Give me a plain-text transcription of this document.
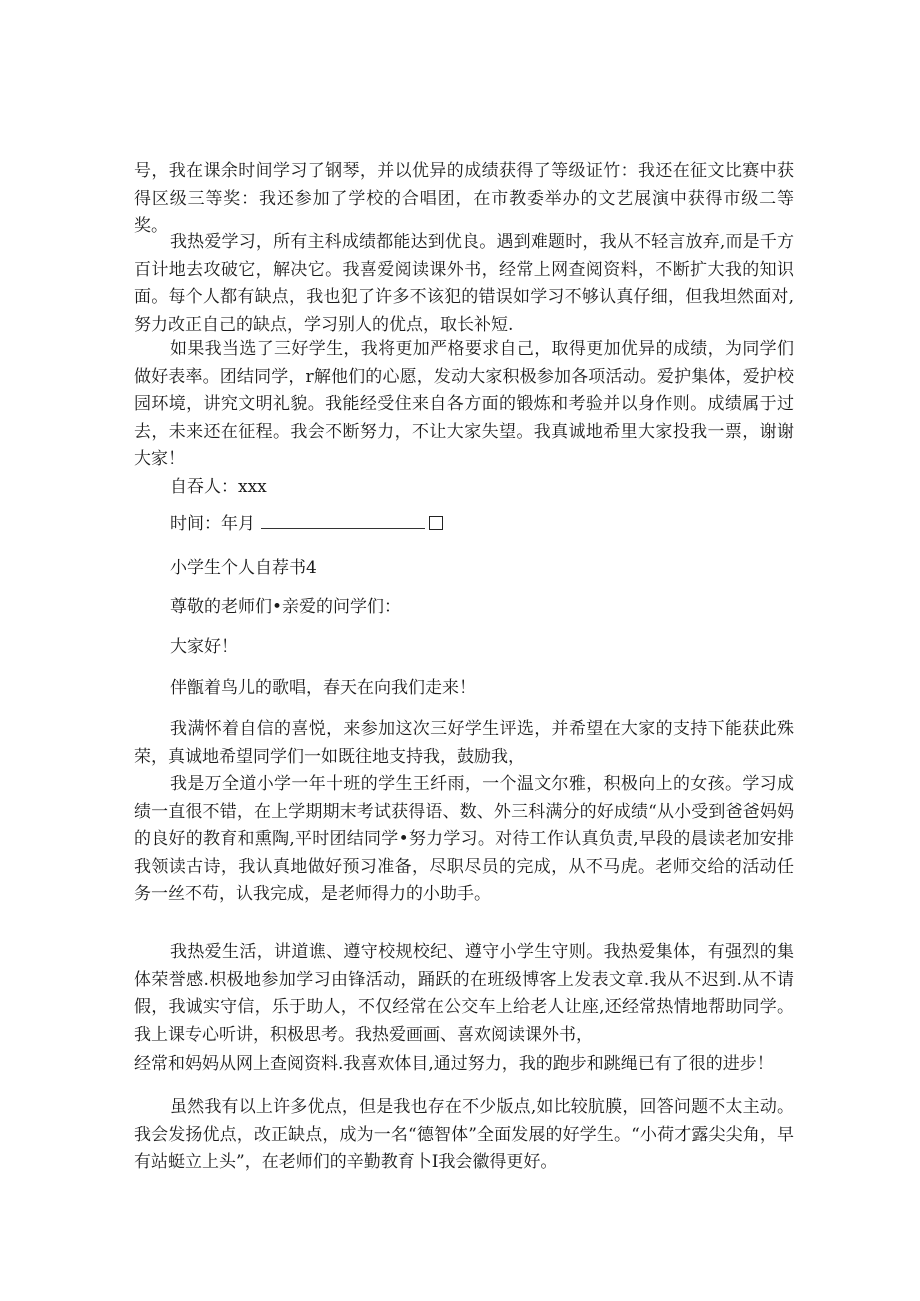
号，我在课余时间学习了钢琴，并以优异的成绩获得了等级证竹：我还在征文比赛中获得区级三等奖：我还参加了学校的合唱团，在市教委举办的文艺展演中获得市级二等奖。

我热爱学习，所有主科成绩都能达到优良。遇到难题时，我从不轻言放弃,而是千方百计地去攻破它，解决它。我喜爱阅读课外书，经常上网查阅资料，不断扩大我的知识面。每个人都有缺点，我也犯了许多不该犯的错误如学习不够认真仔细，但我坦然面对,努力改正自己的缺点，学习别人的优点，取长补短.

如果我当选了三好学生，我将更加严格要求自己，取得更加优异的成绩，为同学们做好表率。团结同学，r解他们的心愿，发动大家积极参加各项活动。爱护集体，爱护校园环境，讲究文明礼貌。我能经受住来自各方面的锻炼和考验并以身作则。成绩属于过去，未来还在征程。我会不断努力，不让大家失望。我真诚地希里大家投我一票，谢谢大家！

自吞人：xxx

时间：年月

小学生个人自荐书4

尊敬的老师们•亲爱的问学们：

大家好！

伴甑着鸟儿的歌唱，春天在向我们走来！

我满怀着自信的喜悦，来参加这次三好学生评选，并希望在大家的支持下能获此殊荣，真诚地希望同学们一如既往地支持我，鼓励我，

我是万全道小学一年十班的学生王纤雨，一个温文尔雅，积极向上的女孩。学习成绩一直很不错，在上学期期末考试获得语、数、外三科满分的好成绩“从小受到爸爸妈妈的良好的教育和熏陶,平时团结同学•努力学习。对待工作认真负责,早段的晨读老加安排我领读古诗，我认真地做好预习准备，尽职尽员的完成，从不马虎。老师交给的活动任务一丝不苟，认我完成，是老师得力的小助手。

我热爱生活，讲道谯、遵守校规校纪、遵守小学生守则。我热爱集体，有强烈的集体荣誉感.枳极地参加学习由锋活动，踊跃的在班级博客上发表文章.我从不迟到.从不请假，我诚实守信，乐于助人，不仅经常在公交车上给老人让座,还经常热情地帮助同学。我上课专心听讲，积极思考。我热爱画画、喜欢阅读课外书，

经常和妈妈从网上查阅资料.我喜欢体目,通过努力，我的跑步和跳绳已有了很的进步！

虽然我有以上许多优点，但是我也存在不少版点,如比较肮膜，回答问题不太主动。我会发扬优点，改正缺点，成为一名“德智体”全面发展的好学生。“小荷才露尖尖角，早有站蜓立上头”，在老师们的辛勤教育卜I我会徽得更好。
